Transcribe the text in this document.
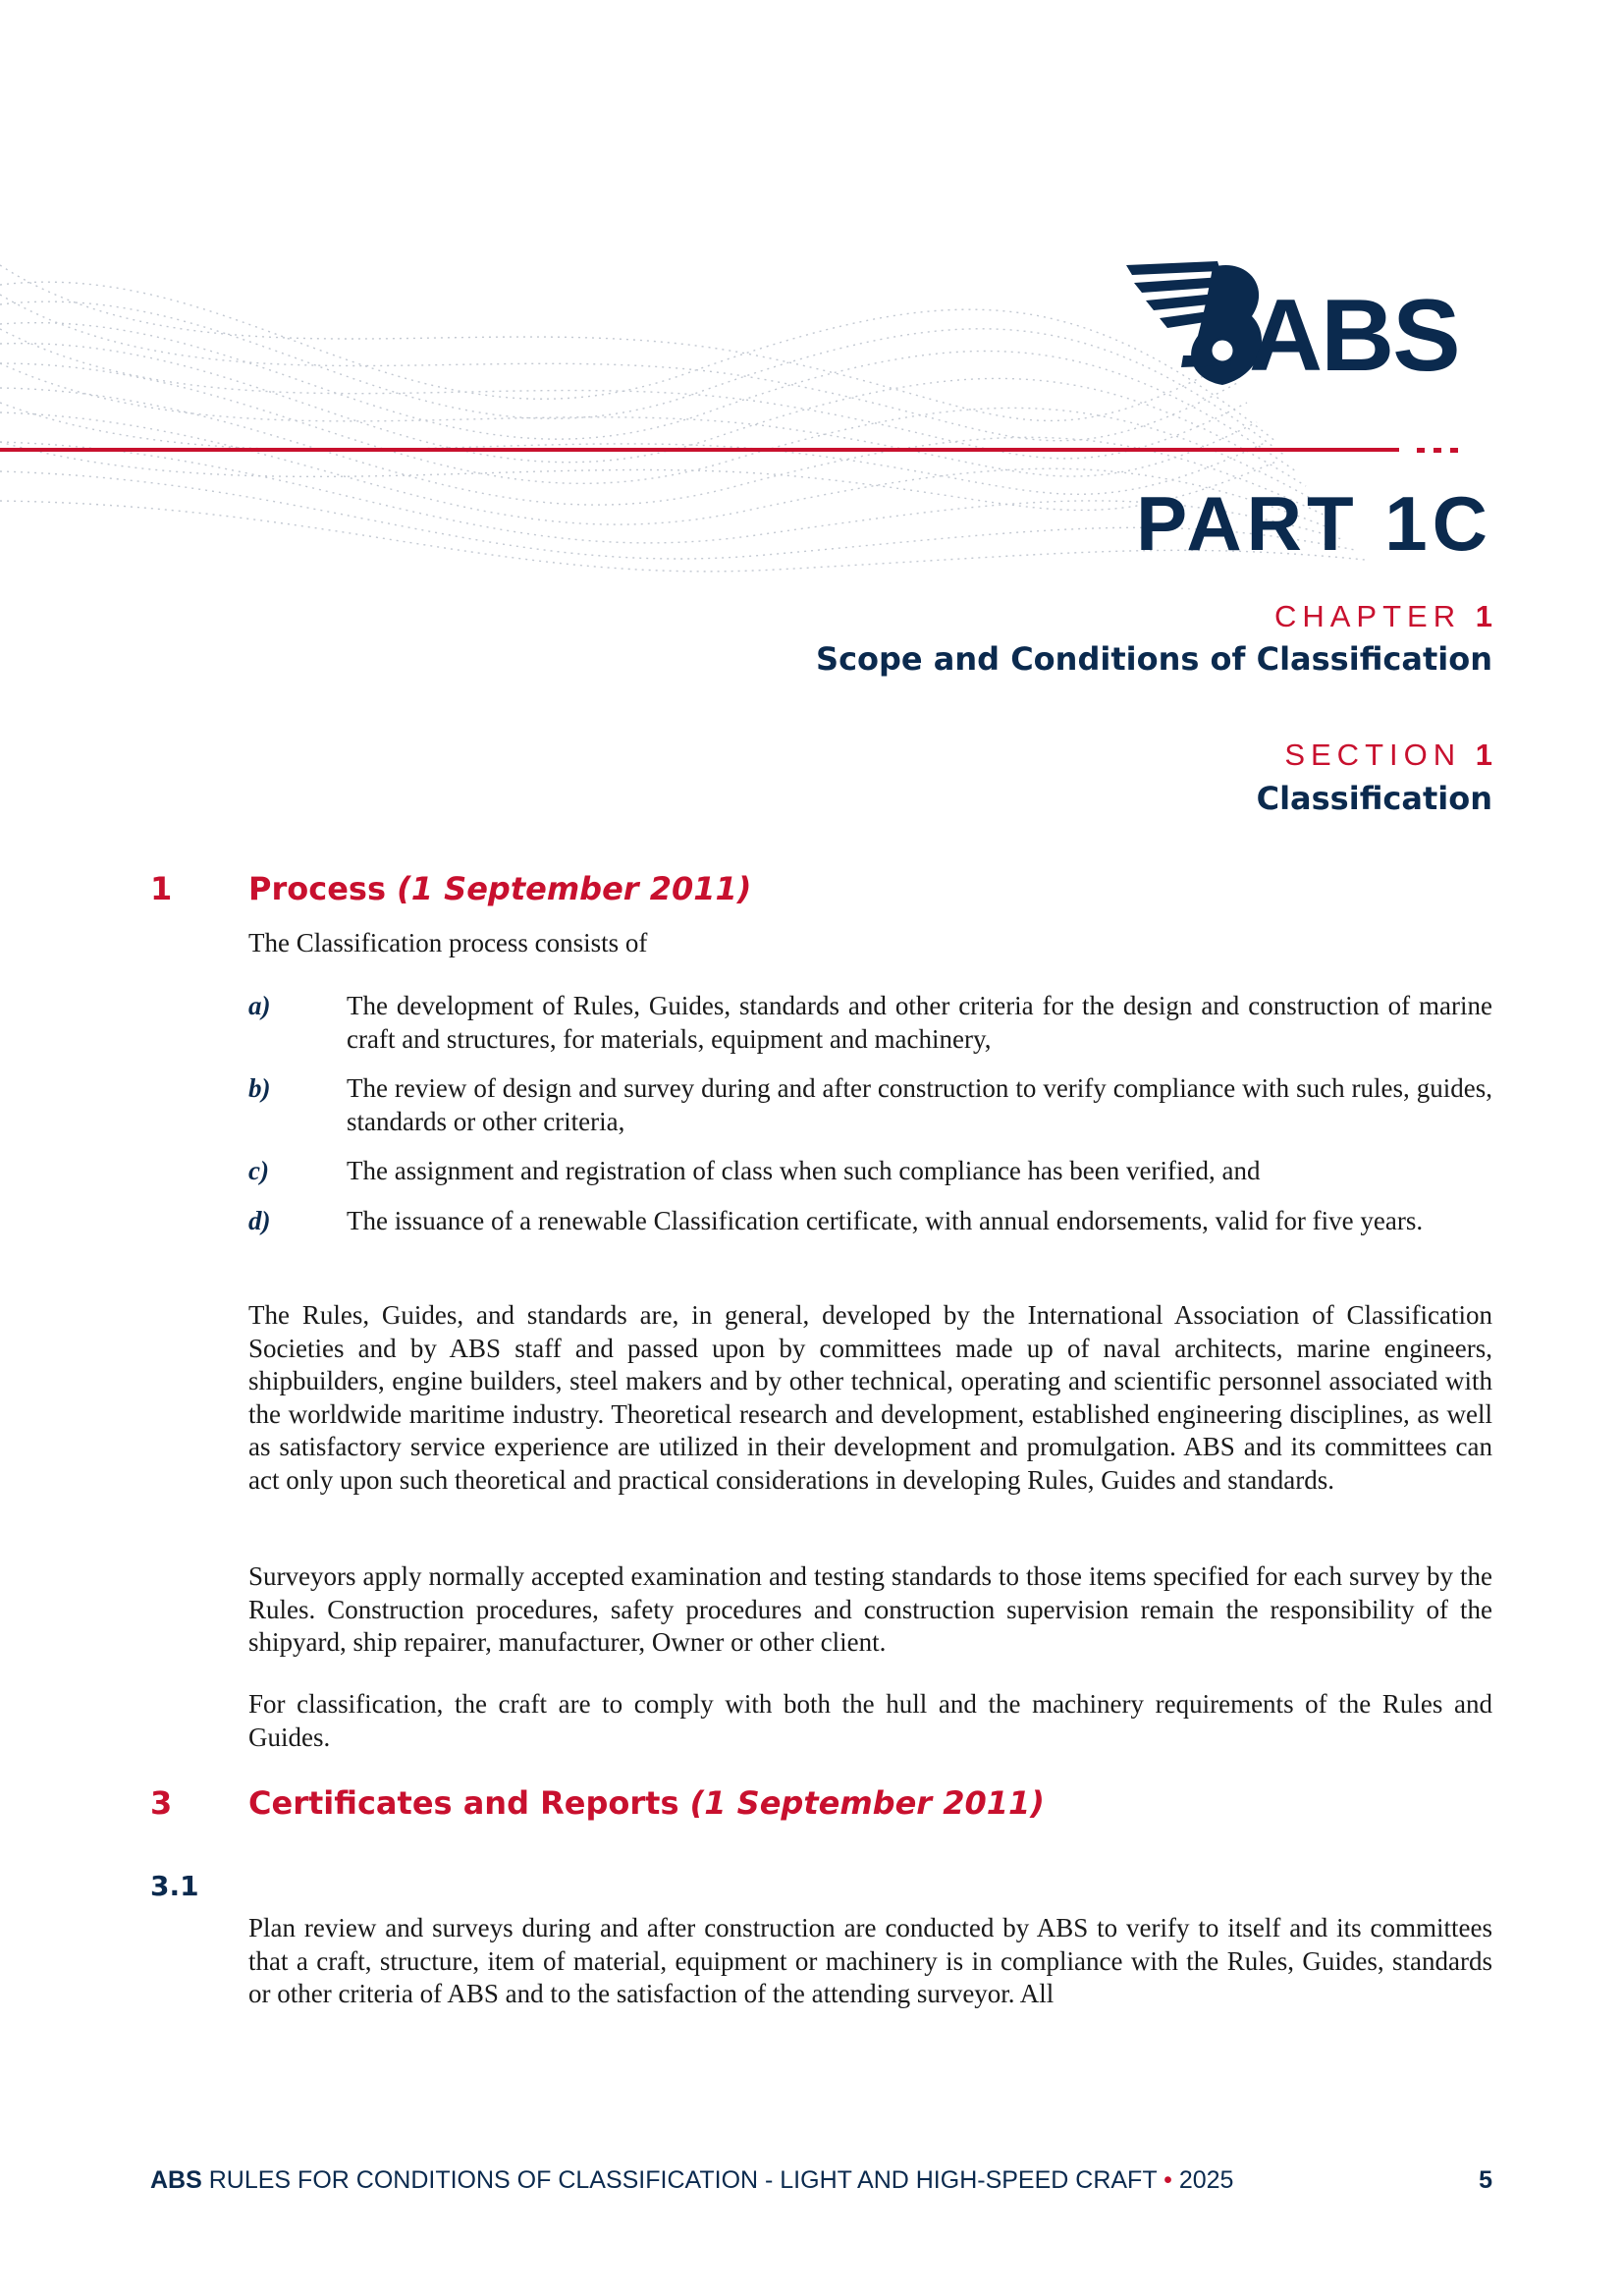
ABS
PART 1C
CHAPTER 1
Scope and Conditions of Classification
SECTION 1
Classification
1 Process (1 September 2011)

The Classification process consists of

a)	The development of Rules, Guides, standards and other criteria for the design and construction of marine craft and structures, for materials, equipment and machinery,

b)	The review of design and survey during and after construction to verify compliance with such rules, guides, standards or other criteria,

c)	The assignment and registration of class when such compliance has been verified, and

d)	The issuance of a renewable Classification certificate, with annual endorsements, valid for five years.

The Rules, Guides, and standards are, in general, developed by the International Association of Classification Societies and by ABS staff and passed upon by committees made up of naval architects, marine engineers, shipbuilders, engine builders, steel makers and by other technical, operating and scientific personnel associated with the worldwide maritime industry. Theoretical research and development, established engineering disciplines, as well as satisfactory service experience are utilized in their development and promulgation. ABS and its committees can act only upon such theoretical and practical considerations in developing Rules, Guides and standards.

Surveyors apply normally accepted examination and testing standards to those items specified for each survey by the Rules. Construction procedures, safety procedures and construction supervision remain the responsibility of the shipyard, ship repairer, manufacturer, Owner or other client.

For classification, the craft are to comply with both the hull and the machinery requirements of the Rules and Guides.

3 Certificates and Reports (1 September 2011)
3.1

Plan review and surveys during and after construction are conducted by ABS to verify to itself and its committees that a craft, structure, item of material, equipment or machinery is in compliance with the Rules, Guides, standards or other criteria of ABS and to the satisfaction of the attending surveyor. All

ABS RULES FOR CONDITIONS OF CLASSIFICATION - LIGHT AND HIGH-SPEED CRAFT • 2025	5
